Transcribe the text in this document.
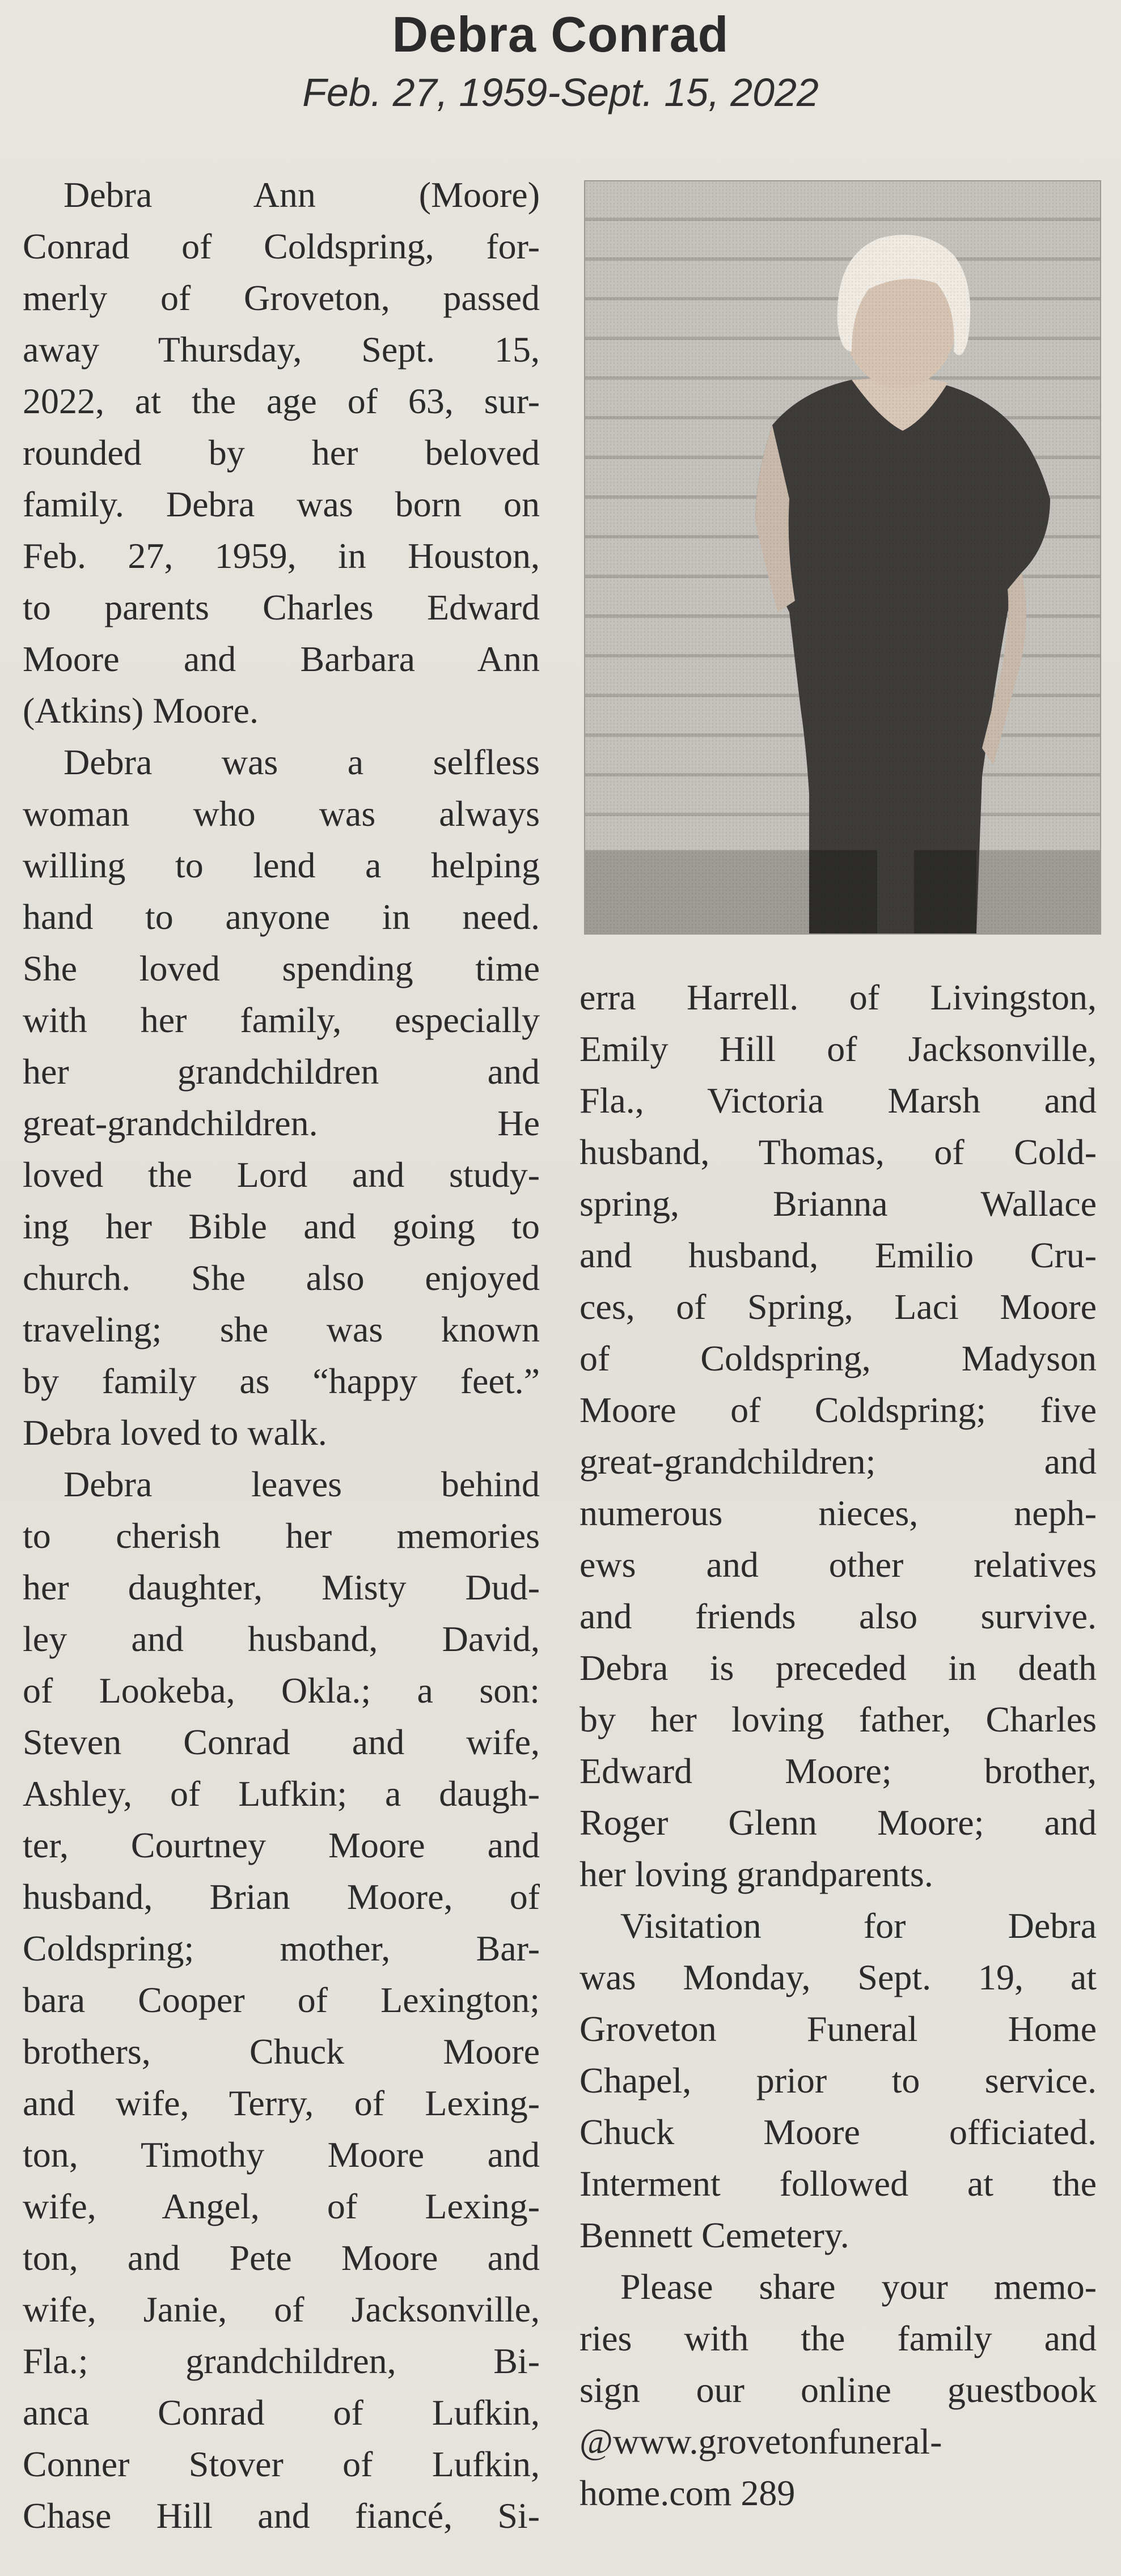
Debra Conrad
Feb. 27, 1959-Sept. 15, 2022
Debra Ann (Moore)
Conrad of Coldspring, for-
merly of Groveton, passed
away Thursday, Sept. 15,
2022, at the age of 63, sur-
rounded by her beloved
family. Debra was born on
Feb. 27, 1959, in Houston,
to parents Charles Edward
Moore and Barbara Ann
(Atkins) Moore.
Debra was a selfless
woman who was always
willing to lend a helping
hand to anyone in need.
She loved spending time
with her family, especially
her grandchildren and
great-grandchildren. He
loved the Lord and study-
ing her Bible and going to
church. She also enjoyed
traveling; she was known
by family as “happy feet.”
Debra loved to walk.
Debra leaves behind
to cherish her memories
her daughter, Misty Dud-
ley and husband, David,
of Lookeba, Okla.; a son:
Steven Conrad and wife,
Ashley, of Lufkin; a daugh-
ter, Courtney Moore and
husband, Brian Moore, of
Coldspring; mother, Bar-
bara Cooper of Lexington;
brothers, Chuck Moore
and wife, Terry, of Lexing-
ton, Timothy Moore and
wife, Angel, of Lexing-
ton, and Pete Moore and
wife, Janie, of Jacksonville,
Fla.; grandchildren, Bi-
anca Conrad of Lufkin,
Conner Stover of Lufkin,
Chase Hill and fiancé, Si-
erra Harrell. of Livingston,
Emily Hill of Jacksonville,
Fla., Victoria Marsh and
husband, Thomas, of Cold-
spring, Brianna Wallace
and husband, Emilio Cru-
ces, of Spring, Laci Moore
of Coldspring, Madyson
Moore of Coldspring; five
great-grandchildren; and
numerous nieces, neph-
ews and other relatives
and friends also survive.
Debra is preceded in death
by her loving father, Charles
Edward Moore; brother,
Roger Glenn Moore; and
her loving grandparents.
Visitation for Debra
was Monday, Sept. 19, at
Groveton Funeral Home
Chapel, prior to service.
Chuck Moore officiated.
Interment followed at the
Bennett Cemetery.
Please share your memo-
ries with the family and
sign our online guestbook
@www.grovetonfuneral-
home.com 289
